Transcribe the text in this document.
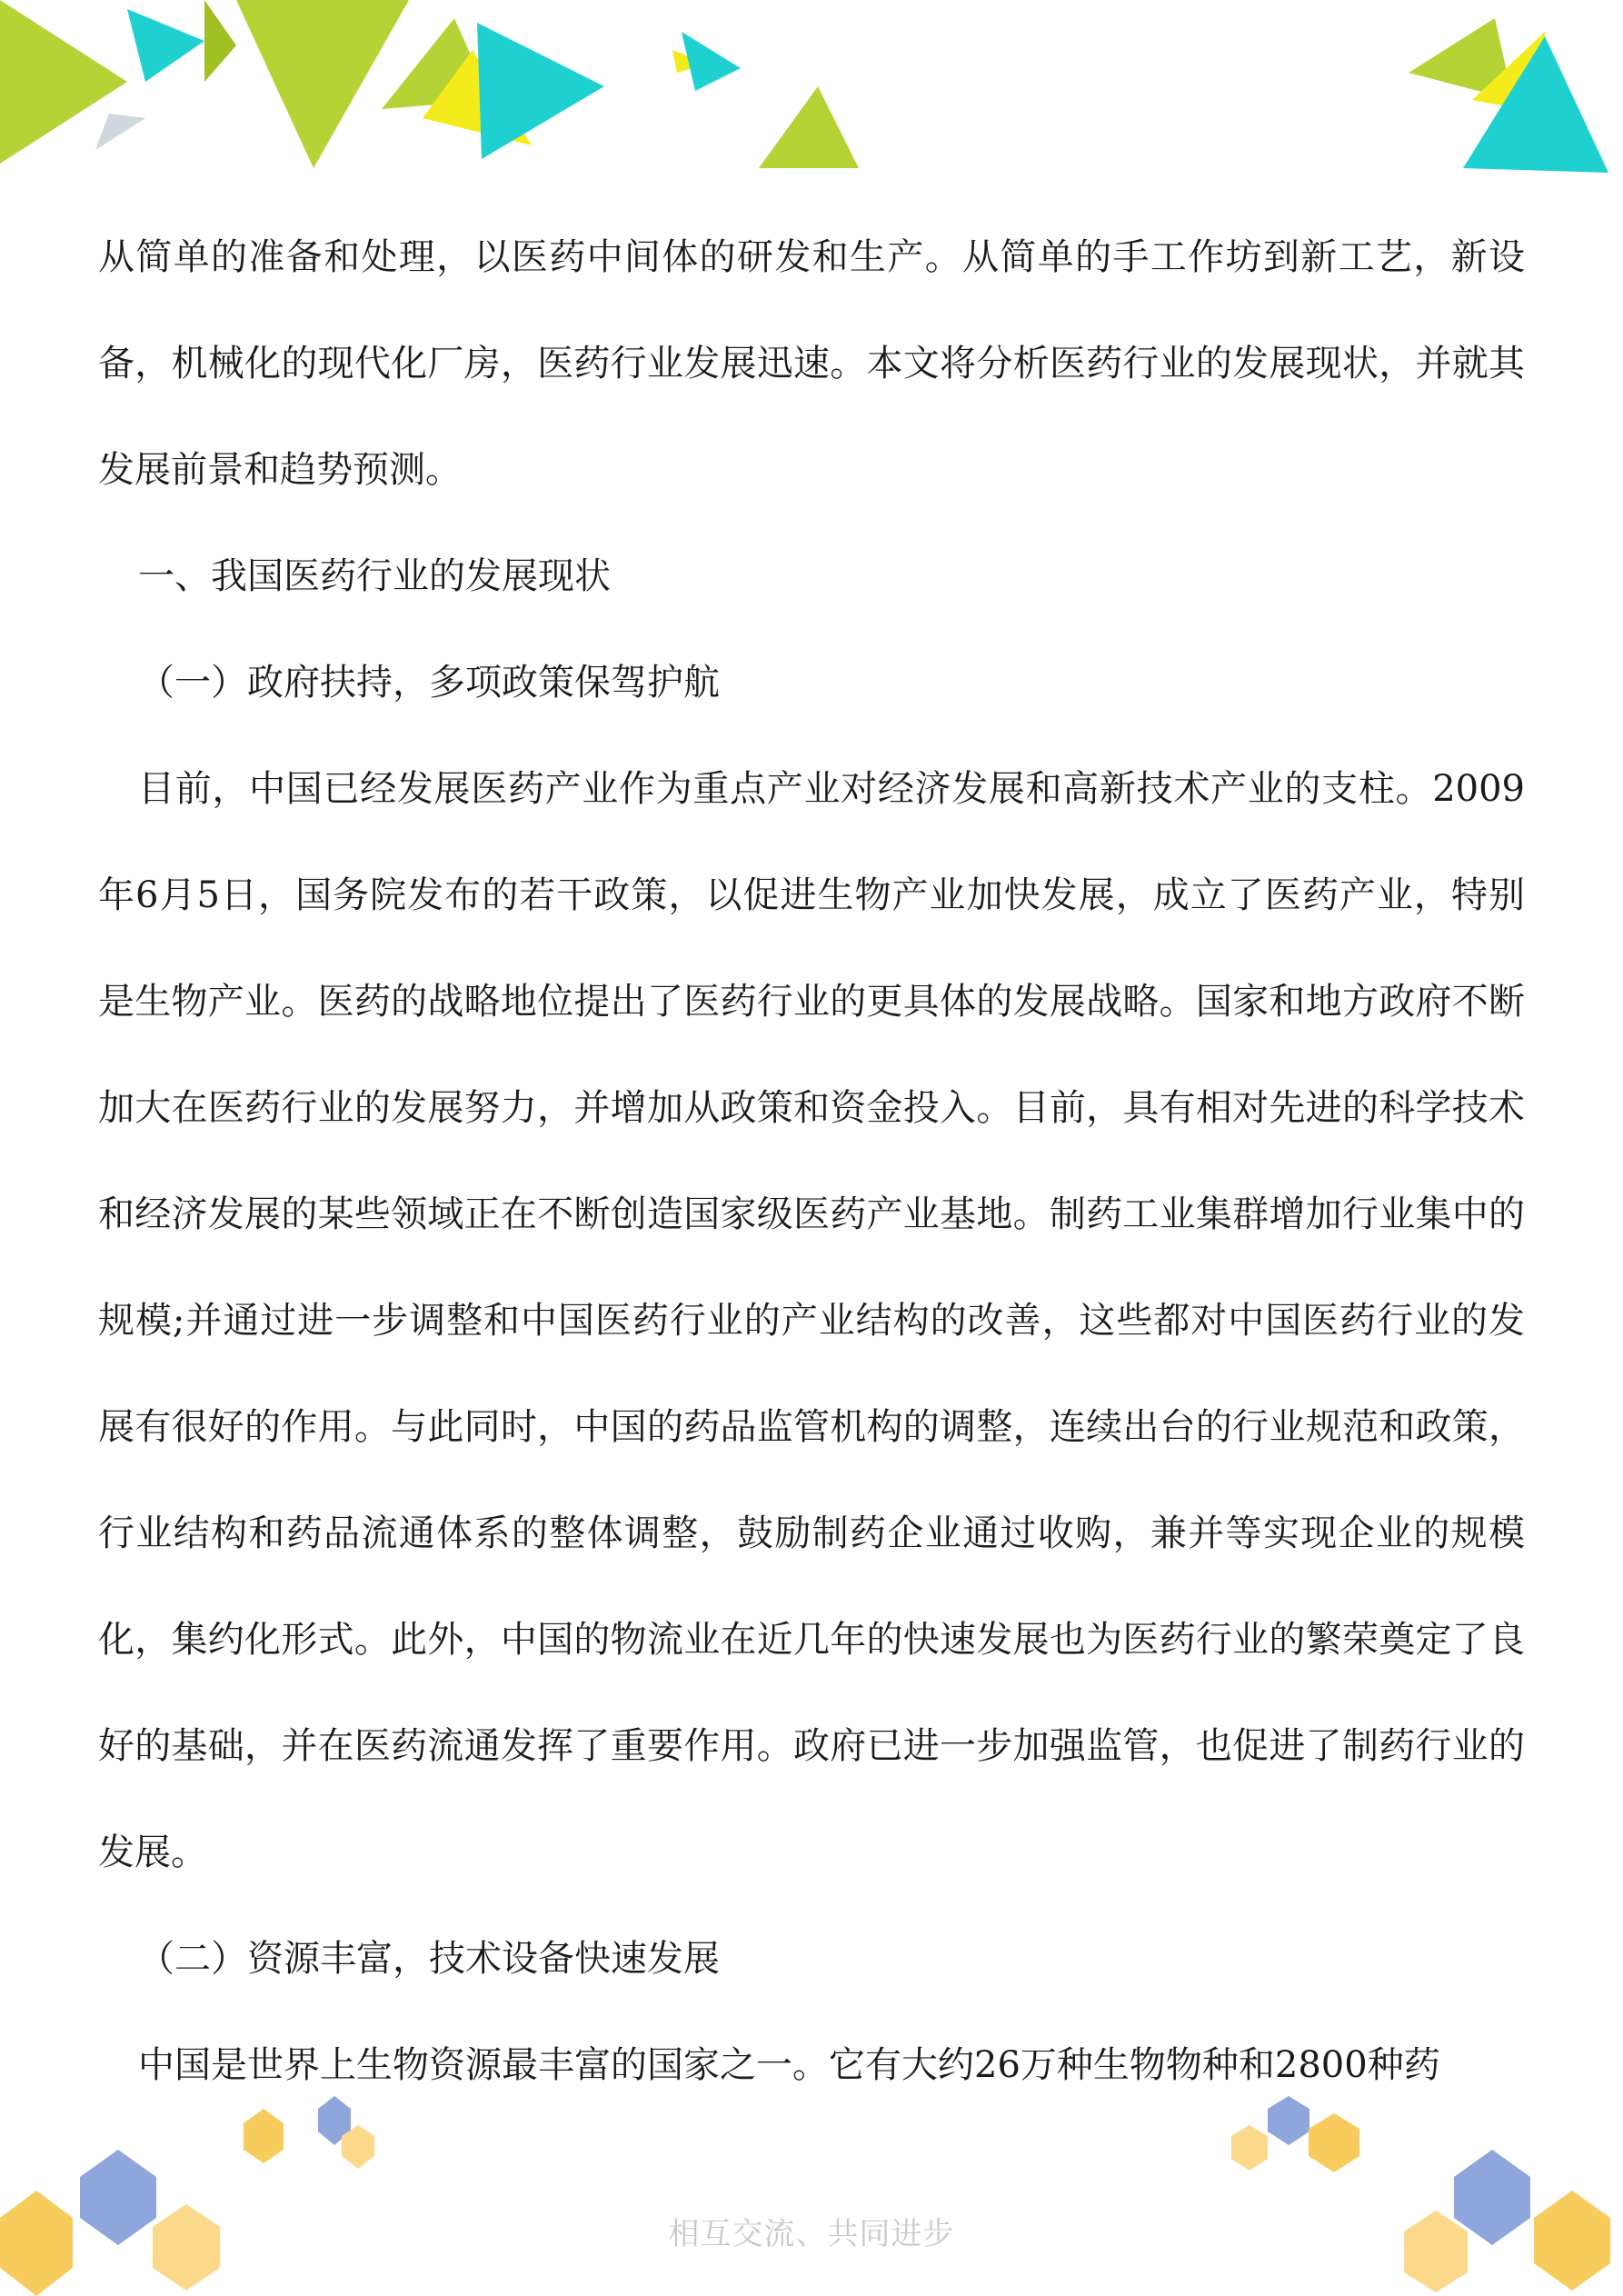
从简单的准备和处理，以医药中间体的研发和生产。从简单的手工作坊到新工艺，新设备，机械化的现代化厂房，医药行业发展迅速。本文将分析医药行业的发展现状，并就其发展前景和趋势预测。

一、我国医药行业的发展现状

（一）政府扶持，多项政策保驾护航

目前，中国已经发展医药产业作为重点产业对经济发展和高新技术产业的支柱。2009年6月5日，国务院发布的若干政策，以促进生物产业加快发展，成立了医药产业，特别是生物产业。医药的战略地位提出了医药行业的更具体的发展战略。国家和地方政府不断加大在医药行业的发展努力，并增加从政策和资金投入。目前，具有相对先进的科学技术和经济发展的某些领域正在不断创造国家级医药产业基地。制药工业集群增加行业集中的规模;并通过进一步调整和中国医药行业的产业结构的改善，这些都对中国医药行业的发展有很好的作用。与此同时，中国的药品监管机构的调整，连续出台的行业规范和政策，行业结构和药品流通体系的整体调整，鼓励制药企业通过收购，兼并等实现企业的规模化，集约化形式。此外，中国的物流业在近几年的快速发展也为医药行业的繁荣奠定了良好的基础，并在医药流通发挥了重要作用。政府已进一步加强监管，也促进了制药行业的发展。

（二）资源丰富，技术设备快速发展

中国是世界上生物资源最丰富的国家之一。它有大约26万种生物物种和2800种药

相互交流、共同进步
